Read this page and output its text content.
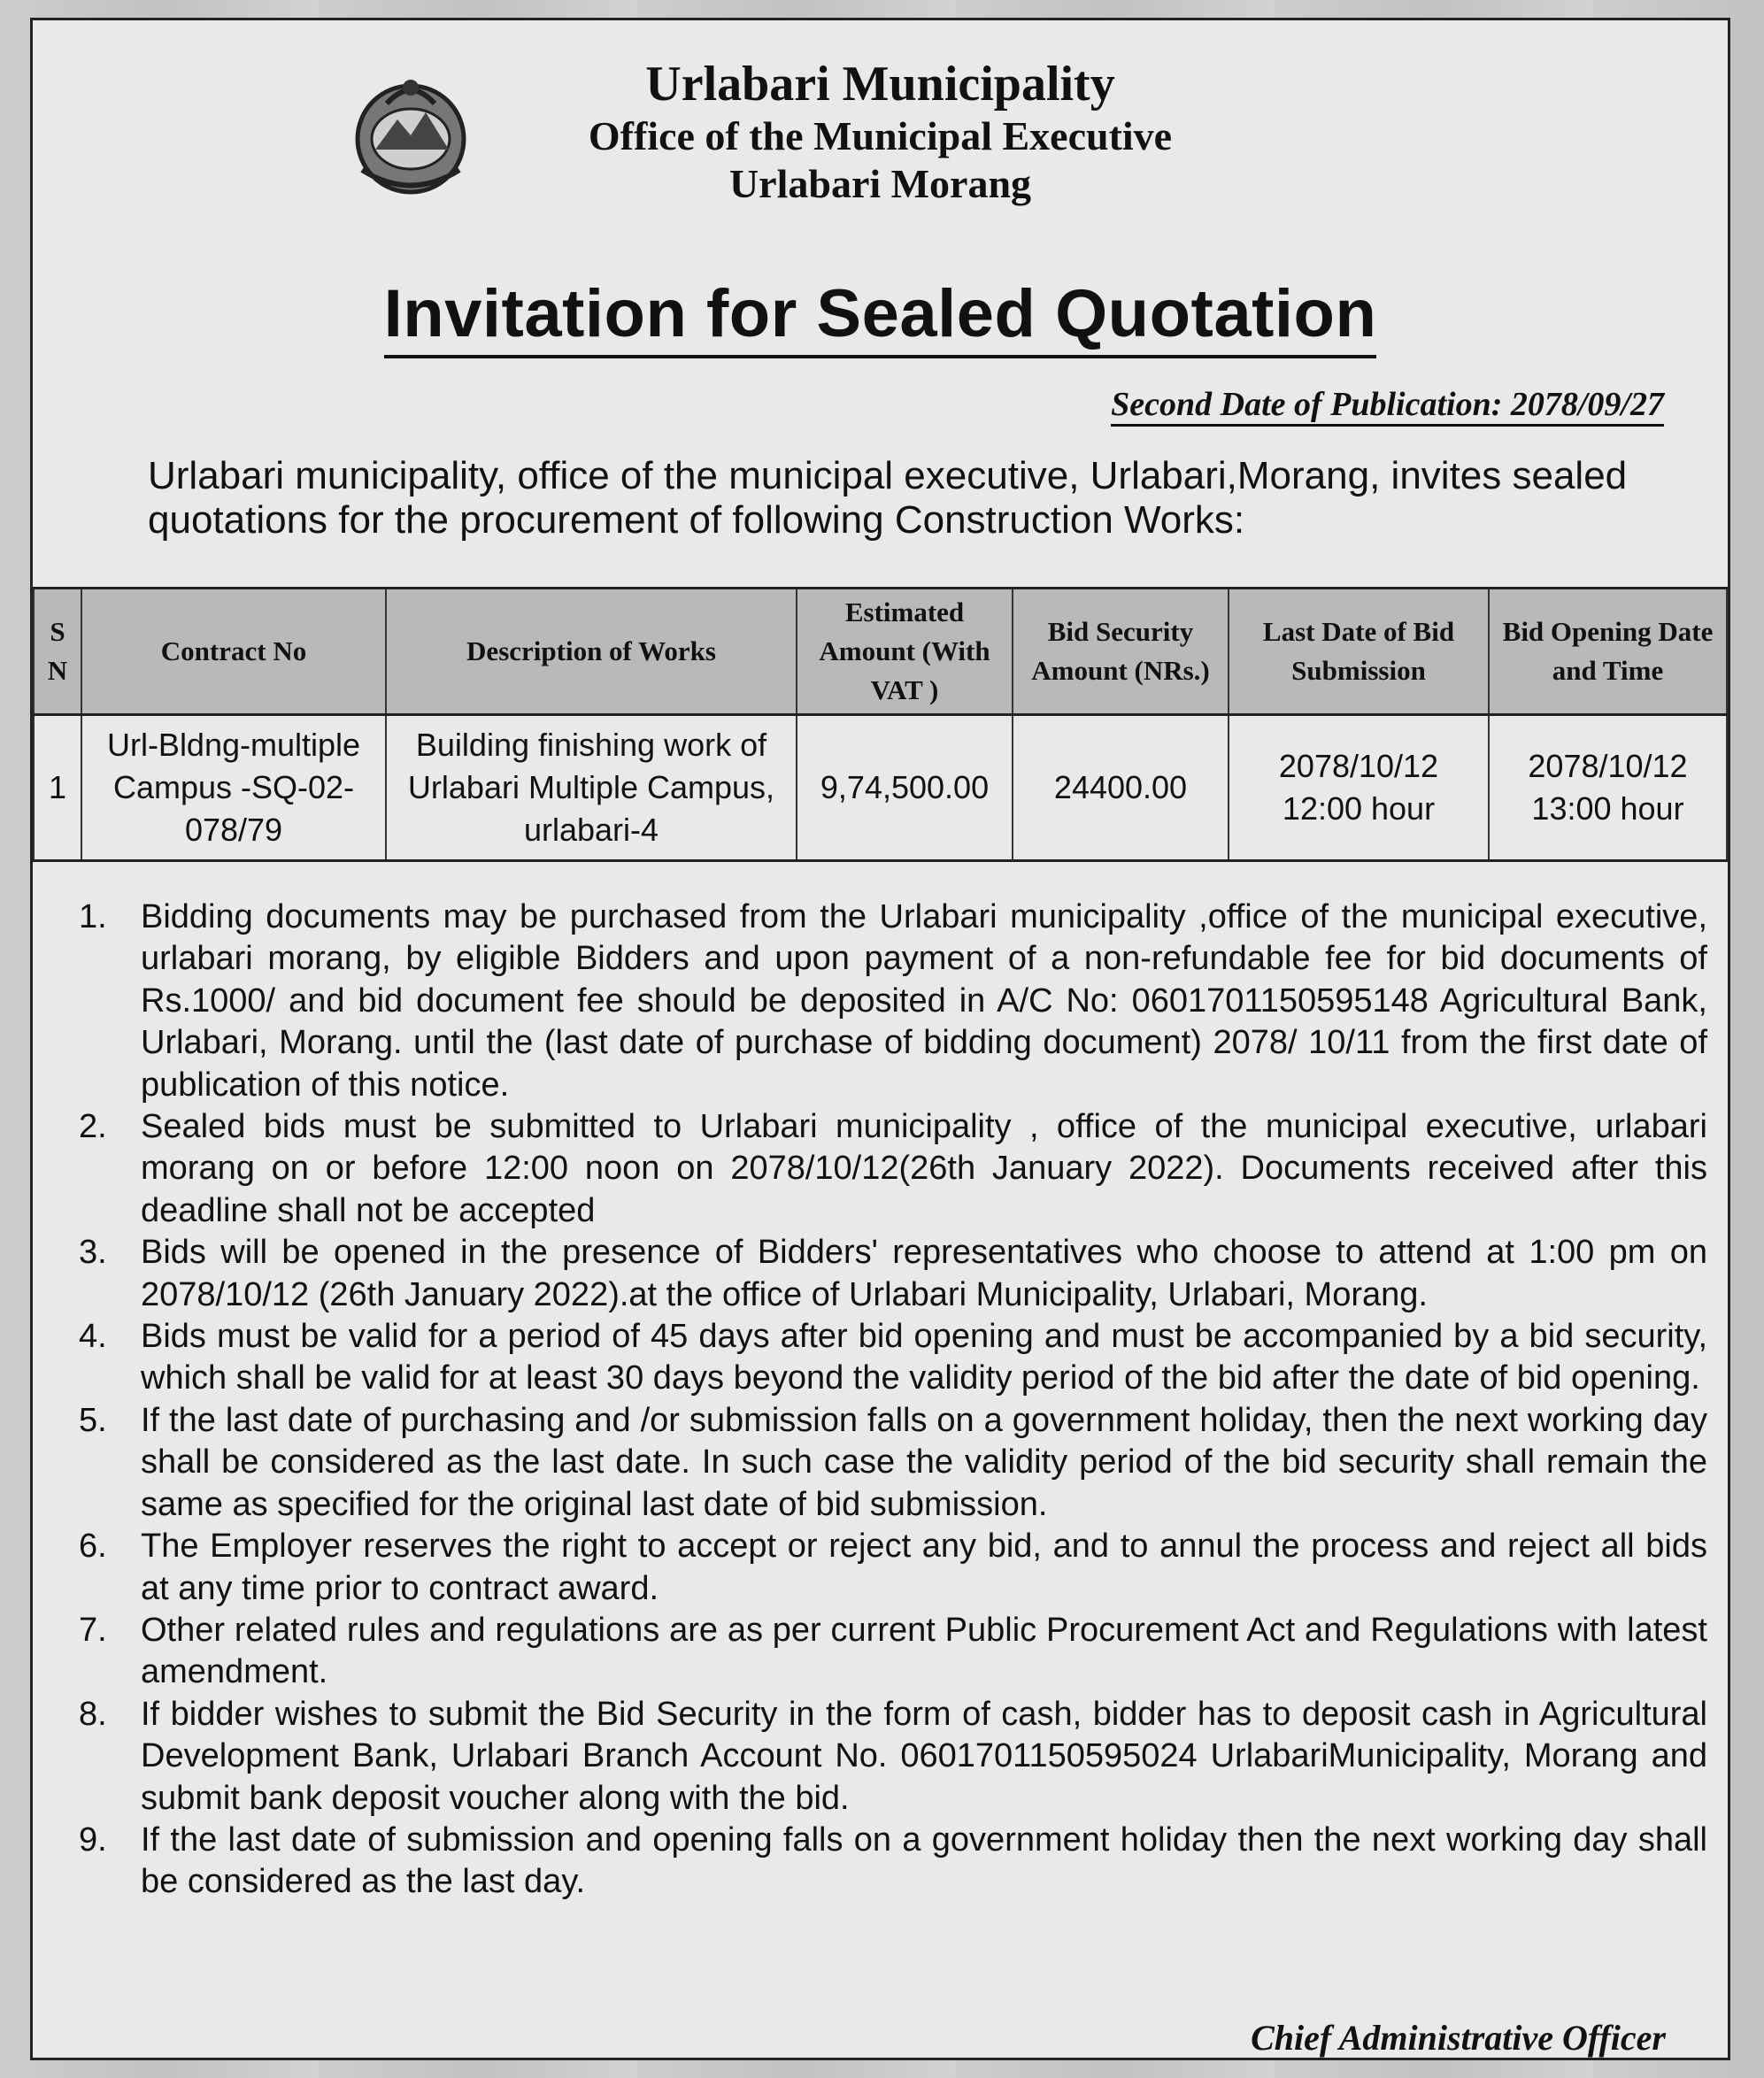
Urlabari Municipality

Office of the Municipal Executive

Urlabari Morang

Invitation for Sealed Quotation
Second Date of Publication: 2078/09/27
Urlabari municipality, office of the municipal executive, Urlabari,Morang, invites sealed quotations for the procurement of following Construction Works:
S N	Contract No	Description of Works	Estimated Amount (With VAT )	Bid Security Amount (NRs.)	Last Date of Bid Submission	Bid Opening Date and Time
1	Url-Bldng-multiple Campus -SQ-02-078/79	Building finishing work of Urlabari Multiple Campus, urlabari-4	9,74,500.00	24400.00	2078/10/12 12:00 hour	2078/10/12 13:00 hour
1.	Bidding documents may be purchased from the Urlabari municipality ,office of the municipal executive, urlabari morang, by eligible Bidders and upon payment of a non-refundable fee for bid documents of Rs.1000/ and bid document fee should be deposited in A/C No: 0601701150595148 Agricultural Bank, Urlabari, Morang. until the (last date of purchase of bidding document) 2078/ 10/11 from the first date of publication of this notice.
2.	Sealed bids must be submitted to Urlabari municipality , office of the municipal executive, urlabari morang on or before 12:00 noon on 2078/10/12(26th January 2022). Documents received after this deadline shall not be accepted
3.	Bids will be opened in the presence of Bidders' representatives who choose to attend at 1:00 pm on 2078/10/12 (26th January 2022).at the office of Urlabari Municipality, Urlabari, Morang.
4.	Bids must be valid for a period of 45 days after bid opening and must be accompanied by a bid security, which shall be valid for at least 30 days beyond the validity period of the bid after the date of bid opening.
5.	If the last date of purchasing and /or submission falls on a government holiday, then the next working day shall be considered as the last date. In such case the validity period of the bid security shall remain the same as specified for the original last date of bid submission.
6.	The Employer reserves the right to accept or reject any bid, and to annul the process and reject all bids at any time prior to contract award.
7.	Other related rules and regulations are as per current Public Procurement Act and Regulations with latest amendment.
8.	If bidder wishes to submit the Bid Security in the form of cash, bidder has to deposit cash in Agricultural Development Bank, Urlabari Branch Account No. 0601701150595024 UrlabariMunicipality, Morang and submit bank deposit voucher along with the bid.
9.	If the last date of submission and opening falls on a government holiday then the next working day shall be considered as the last day.
Chief Administrative Officer
